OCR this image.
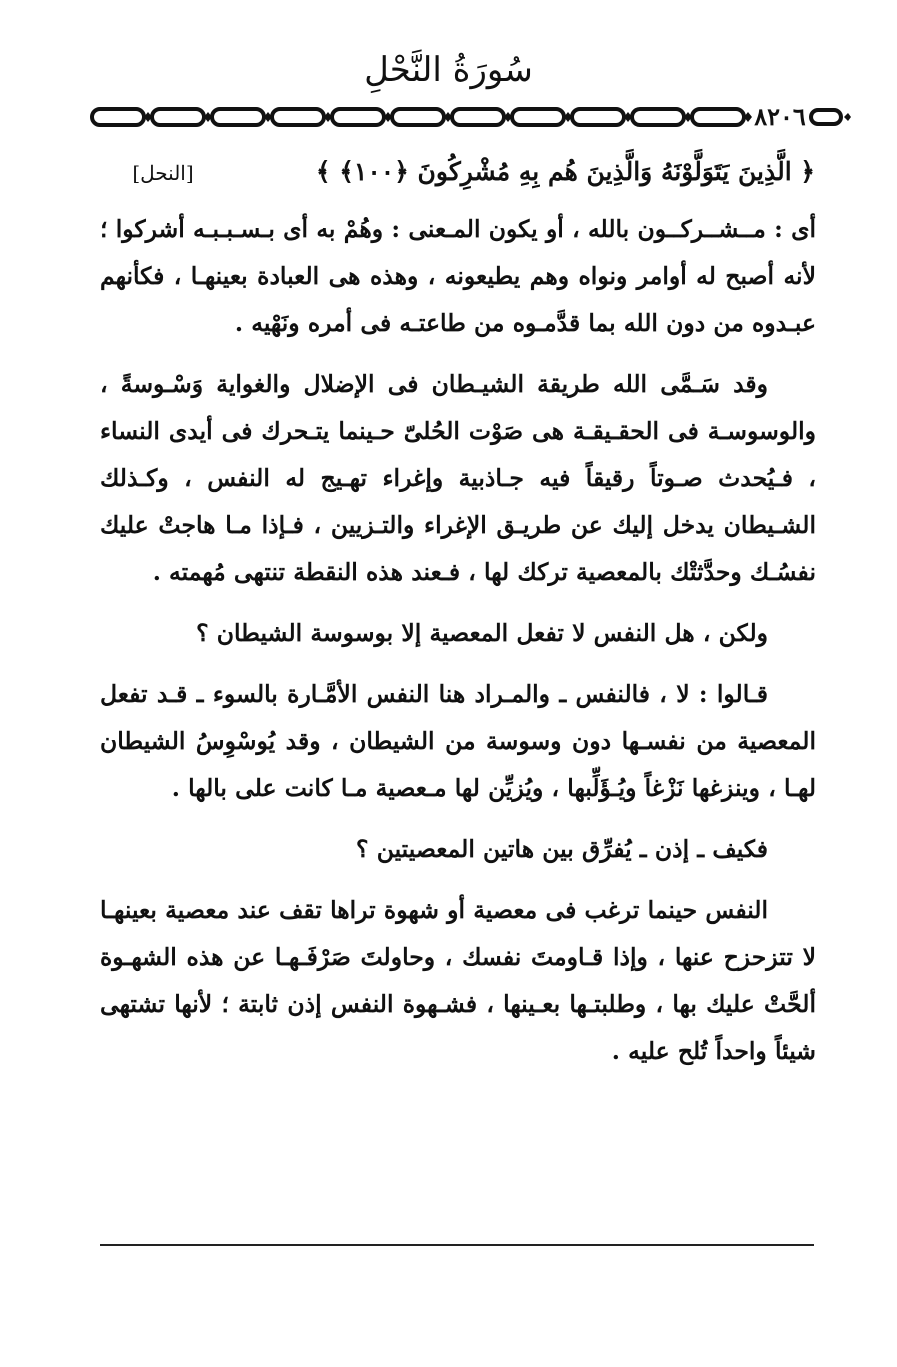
سُورَةُ النَّحْلِ
٨٢٠٦
﴿ الَّذِينَ يَتَوَلَّوْنَهُ وَالَّذِينَ هُم بِهِ مُشْرِكُونَ ﴿١٠٠﴾ ﴾
[النحل]

أى : مــشــركــون بالله ، أو يكون المـعنى : وهُمْ به أى بـسـبـبـه أشركوا ؛ لأنه أصبح له أوامر ونواه وهم يطيعونه ، وهذه هى العبادة بعينهـا ، فكأنهم عبـدوه من دون الله بما قدَّمـوه من طاعتـه فى أمره ونَهْيه .

وقد سَـمَّى الله طريقة الشيـطان فى الإضلال والغواية وَسْـوسةً ، والوسوسـة فى الحقـيقـة هى صَوْت الحُلىّ حـينما يتـحرك فى أيدى النساء ، فـيُحدث صـوتاً رقيقاً فيه جـاذبية وإغراء تهـيج له النفس ، وكـذلك الشـيطان يدخل إليك عن طريـق الإغراء والتـزيين ، فـإذا مـا هاجتْ عليك نفسُـك وحدَّثتْك بالمعصية تركك لها ، فـعند هذه النقطة تنتهى مُهمته .

ولكن ، هل النفس لا تفعل المعصية إلا بوسوسة الشيطان ؟

قـالوا : لا ، فالنفس ـ والمـراد هنا النفس الأمَّـارة بالسوء ـ قـد تفعل المعصية من نفسـها دون وسوسة من الشيطان ، وقد يُوسْوِسُ الشيطان لهـا ، وينزغها نَزْغاً ويُـؤَلِّبها ، ويُزيِّن لها مـعصية مـا كانت على بالها .

فكيف ـ إذن ـ يُفرِّق بين هاتين المعصيتين ؟

النفس حينما ترغب فى معصية أو شهوة تراها تقف عند معصية بعينهـا لا تتزحزح عنها ، وإذا قـاومتَ نفسك ، وحاولتَ صَرْفَـهـا عن هذه الشهـوة ألحَّتْ عليك بها ، وطلبتـها بعـينها ، فشـهوة النفس إذن ثابتة ؛ لأنها تشتهى شيئاً واحداً تُلح عليه .
